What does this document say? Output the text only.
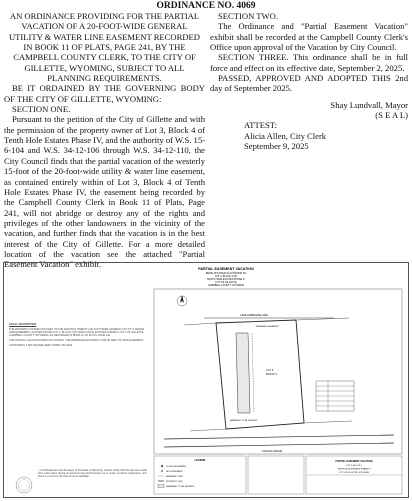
ORDINANCE NO. 4069

AN ORDINANCE PROVIDING FOR THE PARTIAL VACATION OF A 20-FOOT-WIDE GENERAL UTILITY & WATER LINE EASEMENT RECORDED IN BOOK 11 OF PLATS, PAGE 241, BY THE CAMPBELL COUNTY CLERK, TO THE CITY OF GILLETTE, WYOMING, SUBJECT TO ALL PLANNING REQUIREMENTS.

BE IT ORDAINED BY THE GOVERNING BODY OF THE CITY OF GILLETTE, WYOMING:

SECTION ONE.

Pursuant to the petition of the City of Gillette and with the permission of the property owner of Lot 3, Block 4 of Tenth Hole Estates Phase IV, and the authority of W.S. 15-6-104 and W.S. 34-12-106 through W.S. 34-12-110, the City Council finds that the partial vacation of the westerly 15-foot of the 20-foot-wide utility & water line easement, as contained entirely within of Lot 3, Block 4 of Tenth Hole Estates Phase IV, the easement being recorded by the Campbell County Clerk in Book 11 of Plats, Page 241, will not abridge or destroy any of the rights and privileges of the other landowners in the vicinity of the vacation, and further finds that the vacation is in the best interest of the City of Gillette. For a more detailed location of the vacation see the attached "Partial Easement Vacation" exhibit.

SECTION TWO.

The Ordinance and "Partial Easement Vacation" exhibit shall be recorded at the Campbell County Clerk's Office upon approval of the Vacation by City Council.

SECTION THREE. This ordinance shall be in full force and effect on its effective date, September 2, 2025.

PASSED, APPROVED AND ADOPTED THIS 2nd day of September 2025.

Shay Lundvall, Mayor

(S E A L)

ATTEST:

Alicia Allen, City Clerk

September 9, 2025

PARTIAL EASEMENT VACATION
BEING SITUATED IN A PORTION OF
LOT 3, BLOCK 4 OF
TENTH HOLE ESTATES PHASE IV
CITY OF GILLETTE,
CAMPBELL COUNTY, WYOMING
LANE AUBERGINE LANE
LOT 3
BLOCK 4
EASEMENT TO BE VACATED
REMAINING EASEMENT
LINCOLN AVENUE
LEGEND
FOUND MONUMENT
SET MONUMENT
EASEMENT LINE
PROPERTY LINE
EASEMENT TO BE VACATED
PARTIAL EASEMENT VACATION
LOT 3, BLOCK 4
TENTH HOLE ESTATES PHASE IV
CITY OF GILLETTE, WYOMING

LEGAL DESCRIPTION

THE WESTERLY FIFTEEN (15) FEET OF THE EXISTING TWENTY (20) FOOT WIDE GENERAL UTILITY & WATER LINE EASEMENT LOCATED WITHIN LOT 3, BLOCK 4 OF TENTH HOLE ESTATES PHASE IV, CITY OF GILLETTE, CAMPBELL COUNTY, WYOMING, AS RECORDED IN BOOK 11 OF PLATS, PAGE 241.

THIS PARTIAL VACATION DOES NOT AFFECT THE REMAINING EASTERLY FIVE (5) FEET OF SAID EASEMENT.

CONTAINING 1,500 SQUARE FEET, MORE OR LESS.

I, a Professional Land Surveyor of the State of Wyoming, hereby certify that this plat was made from notes taken during an actual survey performed by me or under my direct supervision, and that it is correct to the best of my knowledge.
